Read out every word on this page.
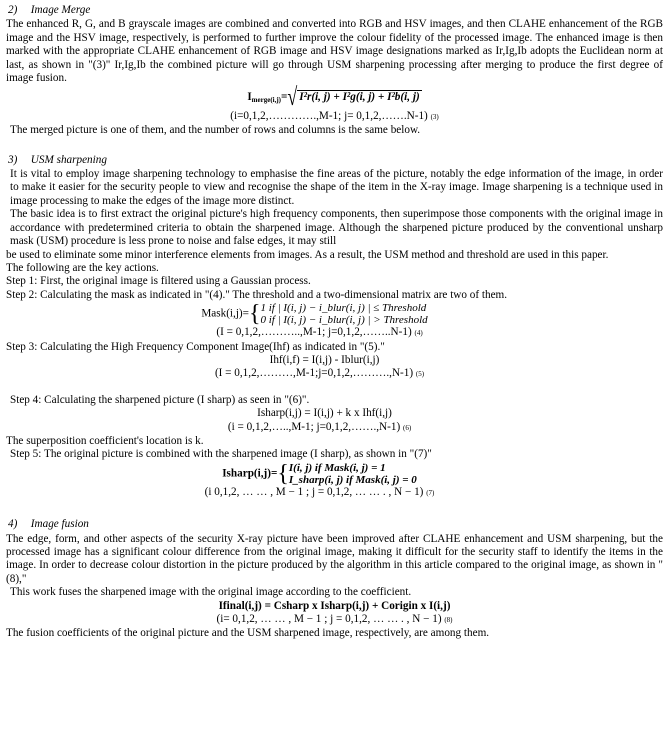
2) Image Merge

The enhanced R, G, and B grayscale images are combined and converted into RGB and HSV images, and then CLAHE enhancement of the RGB image and the HSV image, respectively, is performed to further improve the colour fidelity of the processed image. The enhanced image is then marked with the appropriate CLAHE enhancement of RGB image and HSV image designations marked as Ir,Ig,Ib adopts the Euclidean norm at last, as shown in "(3)" Ir,Ig,Ib the combined picture will go through USM sharpening processing after merging to produce the first degree of image fusion.

$I_{merge(i,j)}=√$ I²r(i, j) + I²g(i, j) + I²b(i, j)
(i=0,1,2,………….,M-1; j= 0,1,2,…….N-1) (3)

The merged picture is one of them, and the number of rows and columns is the same below.

3) USM sharpening

It is vital to employ image sharpening technology to emphasise the fine areas of the picture, notably the edge information of the image, in order to make it easier for the security people to view and recognise the shape of the item in the X-ray image. Image sharpening is a technique used in image processing to make the edges of the image more distinct.

The basic idea is to first extract the original picture's high frequency components, then superimpose those components with the original image in accordance with predetermined criteria to obtain the sharpened image. Although the sharpened picture produced by the conventional unsharp mask (USM) procedure is less prone to noise and false edges, it may still

be used to eliminate some minor interference elements from images. As a result, the USM method and threshold are used in this paper.

The following are the key actions.

Step 1: First, the original image is filtered using a Gaussian process.

Step 2: Calculating the mask as indicated in "(4)." The threshold and a two-dimensional matrix are two of them.

Mask(i,j)={1 if | I(i, j) − i_blur(i, j) | ≤ Threshold
0 if | I(i, j) − i_blur(i, j) | > Threshold
(I = 0,1,2,………..,M-1; j=0,1,2,……..N-1) (4)

Step 3: Calculating the High Frequency Component Image(Ihf) as indicated in "(5)."

Ihf(i,f) = I(i,j) - Iblur(i,j)
(I = 0,1,2,………,M-1;j=0,1,2,……….,N-1) (5)

Step 4: Calculating the sharpened picture (I sharp) as seen in "(6)".

Isharp(i,j) = I(i,j) + k x Ihf(i,j)
(i = 0,1,2,…..,M-1; j=0,1,2,…….,N-1) (6)

The superposition coefficient's location is k.

Step 5: The original picture is combined with the sharpened image (I sharp), as shown in "(7)"

Isharp(i,j)={I(i, j) if Mask(i, j) = 1
I_sharp(i, j) if Mask(i, j) = 0
(i 0,1,2, … … , M − 1 ; j = 0,1,2, … … . , N − 1) (7)
4) Image fusion

The edge, form, and other aspects of the security X-ray picture have been improved after CLAHE enhancement and USM sharpening, but the processed image has a significant colour difference from the original image, making it difficult for the security staff to identify the items in the image. In order to decrease colour distortion in the picture produced by the algorithm in this article compared to the original image, as shown in "(8),"

This work fuses the sharpened image with the original image according to the coefficient.

Ifinal(i,j) = Csharp x Isharp(i,j) + Corigin x I(i,j)
(i= 0,1,2, … … , M − 1 ; j = 0,1,2, … … . , N − 1) (8)

The fusion coefficients of the original picture and the USM sharpened image, respectively, are among them.
